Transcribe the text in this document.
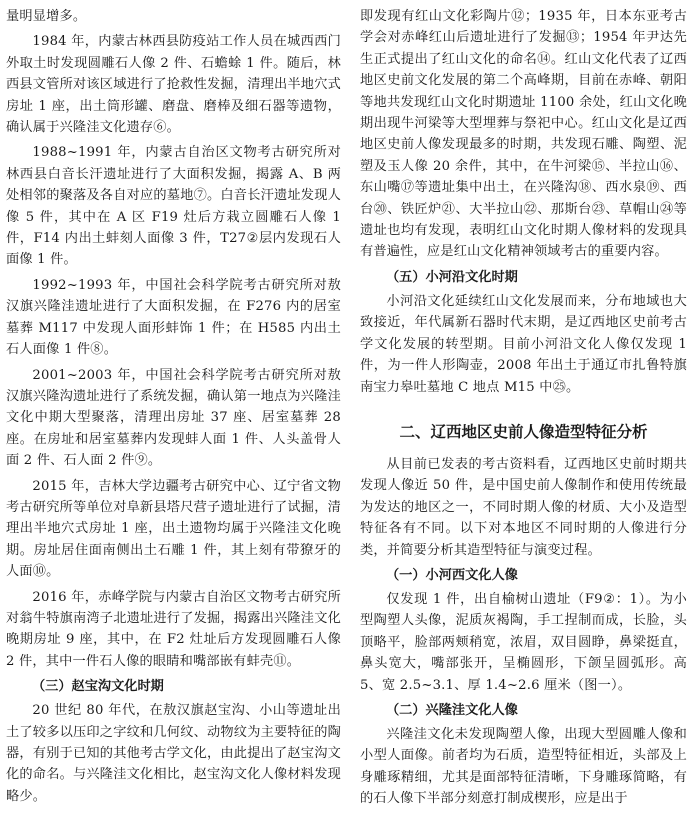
量明显增多。

1984 年，内蒙古林西县防疫站工作人员在城西西门外取土时发现圆雕石人像 2 件、石蟾蜍 1 件。随后，林西县文管所对该区域进行了抢救性发掘，清理出半地穴式房址 1 座，出土筒形罐、磨盘、磨棒及细石器等遗物，确认属于兴隆洼文化遗存⑥。

1988~1991 年，内蒙古自治区文物考古研究所对林西县白音长汗遗址进行了大面积发掘，揭露 A、B 两处相邻的聚落及各自对应的墓地⑦。白音长汗遗址发现人像 5 件，其中在 A 区 F19 灶后方栽立圆雕石人像 1 件，F14 内出土蚌刻人面像 3 件，T27②层内发现石人面像 1 件。

1992~1993 年，中国社会科学院考古研究所对敖汉旗兴隆洼遗址进行了大面积发掘，在 F276 内的居室墓葬 M117 中发现人面形蚌饰 1 件；在 H585 内出土石人面像 1 件⑧。

2001~2003 年，中国社会科学院考古研究所对敖汉旗兴隆沟遗址进行了系统发掘，确认第一地点为兴隆洼文化中期大型聚落，清理出房址 37 座、居室墓葬 28 座。在房址和居室墓葬内发现蚌人面 1 件、人头盖骨人面 2 件、石人面 2 件⑨。

2015 年，吉林大学边疆考古研究中心、辽宁省文物考古研究所等单位对阜新县塔尺营子遗址进行了试掘，清理出半地穴式房址 1 座，出土遗物均属于兴隆洼文化晚期。房址居住面南侧出土石雕 1 件，其上刻有带獠牙的人面⑩。

2016 年，赤峰学院与内蒙古自治区文物考古研究所对翁牛特旗南湾子北遗址进行了发掘，揭露出兴隆洼文化晚期房址 9 座，其中，在 F2 灶址后方发现圆雕石人像 2 件，其中一件石人像的眼睛和嘴部嵌有蚌壳⑪。

（三）赵宝沟文化时期

20 世纪 80 年代，在敖汉旗赵宝沟、小山等遗址出土了较多以压印之字纹和几何纹、动物纹为主要特征的陶器，有别于已知的其他考古学文化，由此提出了赵宝沟文化的命名。与兴隆洼文化相比，赵宝沟文化人像材料发现略少。

即发现有红山文化彩陶片⑫；1935 年，日本东亚考古学会对赤峰红山后遗址进行了发掘⑬；1954 年尹达先生正式提出了红山文化的命名⑭。红山文化代表了辽西地区史前文化发展的第二个高峰期，目前在赤峰、朝阳等地共发现红山文化时期遗址 1100 余处，红山文化晚期出现牛河梁等大型埋葬与祭祀中心。红山文化是辽西地区史前人像发现最多的时期，共发现石雕、陶塑、泥塑及玉人像 20 余件，其中，在牛河梁⑮、半拉山⑯、东山嘴⑰等遗址集中出土，在兴隆沟⑱、西水泉⑲、西台⑳、铁匠炉㉑、大半拉山㉒、那斯台㉓、草帽山㉔等遗址也均有发现，表明红山文化时期人像材料的发现具有普遍性，应是红山文化精神领域考古的重要内容。

（五）小河沿文化时期

小河沿文化延续红山文化发展而来，分布地域也大致接近，年代属新石器时代末期，是辽西地区史前考古学文化发展的转型期。目前小河沿文化人像仅发现 1 件，为一件人形陶壶，2008 年出土于通辽市扎鲁特旗南宝力皋吐墓地 C 地点 M15 中㉕。

二、辽西地区史前人像造型特征分析

从目前已发表的考古资料看，辽西地区史前时期共发现人像近 50 件，是中国史前人像制作和使用传统最为发达的地区之一，不同时期人像的材质、大小及造型特征各有不同。以下对本地区不同时期的人像进行分类，并简要分析其造型特征与演变过程。

（一）小河西文化人像

仅发现 1 件，出自榆树山遗址（F9②：1）。为小型陶塑人头像，泥质灰褐陶，手工捏制而成，长脸，头顶略平，脸部两颊稍宽，浓眉，双目圆睁，鼻梁挺直，鼻头宽大，嘴部张开，呈椭圆形，下颌呈圆弧形。高 5、宽 2.5~3.1、厚 1.4~2.6 厘米（图一）。

（二）兴隆洼文化人像

兴隆洼文化未发现陶塑人像，出现大型圆雕人像和小型人面像。前者均为石质，造型特征相近，头部及上身雕琢精细，尤其是面部特征清晰，下身雕琢简略，有的石人像下半部分刻意打制成楔形，应是出于
